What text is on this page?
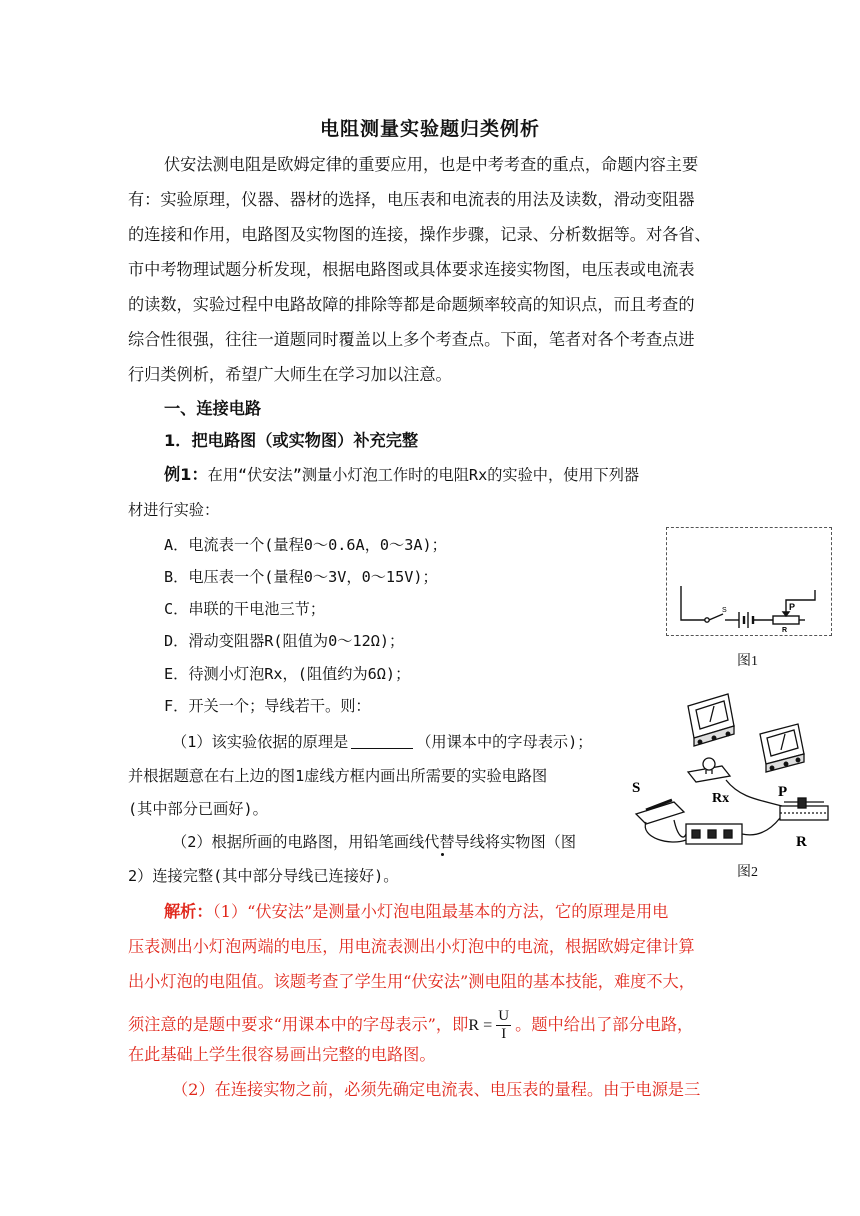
电阻测量实验题归类例析
伏安法测电阻是欧姆定律的重要应用，也是中考考查的重点，命题内容主要
有：实验原理，仪器、器材的选择，电压表和电流表的用法及读数，滑动变阻器
的连接和作用，电路图及实物图的连接，操作步骤，记录、分析数据等。对各省、
市中考物理试题分析发现，根据电路图或具体要求连接实物图，电压表或电流表
的读数，实验过程中电路故障的排除等都是命题频率较高的知识点，而且考查的
综合性很强，往往一道题同时覆盖以上多个考查点。下面，笔者对各个考查点进
行归类例析，希望广大师生在学习加以注意。
一、连接电路
1．把电路图（或实物图）补充完整
例1：在用“伏安法”测量小灯泡工作时的电阻Rx的实验中，使用下列器
材进行实验：
A．电流表一个(量程0～0.6A，0～3A)；
B．电压表一个(量程0～3V，0～15V)；
C．串联的干电池三节；
D．滑动变阻器R(阻值为0～12Ω)；
E．待测小灯泡Rx，(阻值约为6Ω)；
F．开关一个；导线若干。则：
（1）该实验依据的原理是	（用课本中的字母表示)；
并根据题意在右上边的图1虚线方框内画出所需要的实验电路图
(其中部分已画好)。
（2）根据所画的电路图，用铅笔画线代替导线将实物图（图
2）连接完整(其中部分导线已连接好)。
解析：（1）“伏安法”是测量小灯泡电阻最基本的方法，它的原理是用电
压表测出小灯泡两端的电压，用电流表测出小灯泡中的电流，根据欧姆定律计算
出小灯泡的电阻值。该题考查了学生用“伏安法”测电阻的基本技能，难度不大，
须注意的是题中要求“用课本中的字母表示”，即$R = \frac{U}{I}$ 。题中给出了部分电路，
在此基础上学生很容易画出完整的电路图。
（2）在连接实物之前，必须先确定电流表、电压表的量程。由于电源是三
S	P
R
图1
S
Rx	P
R
图2
